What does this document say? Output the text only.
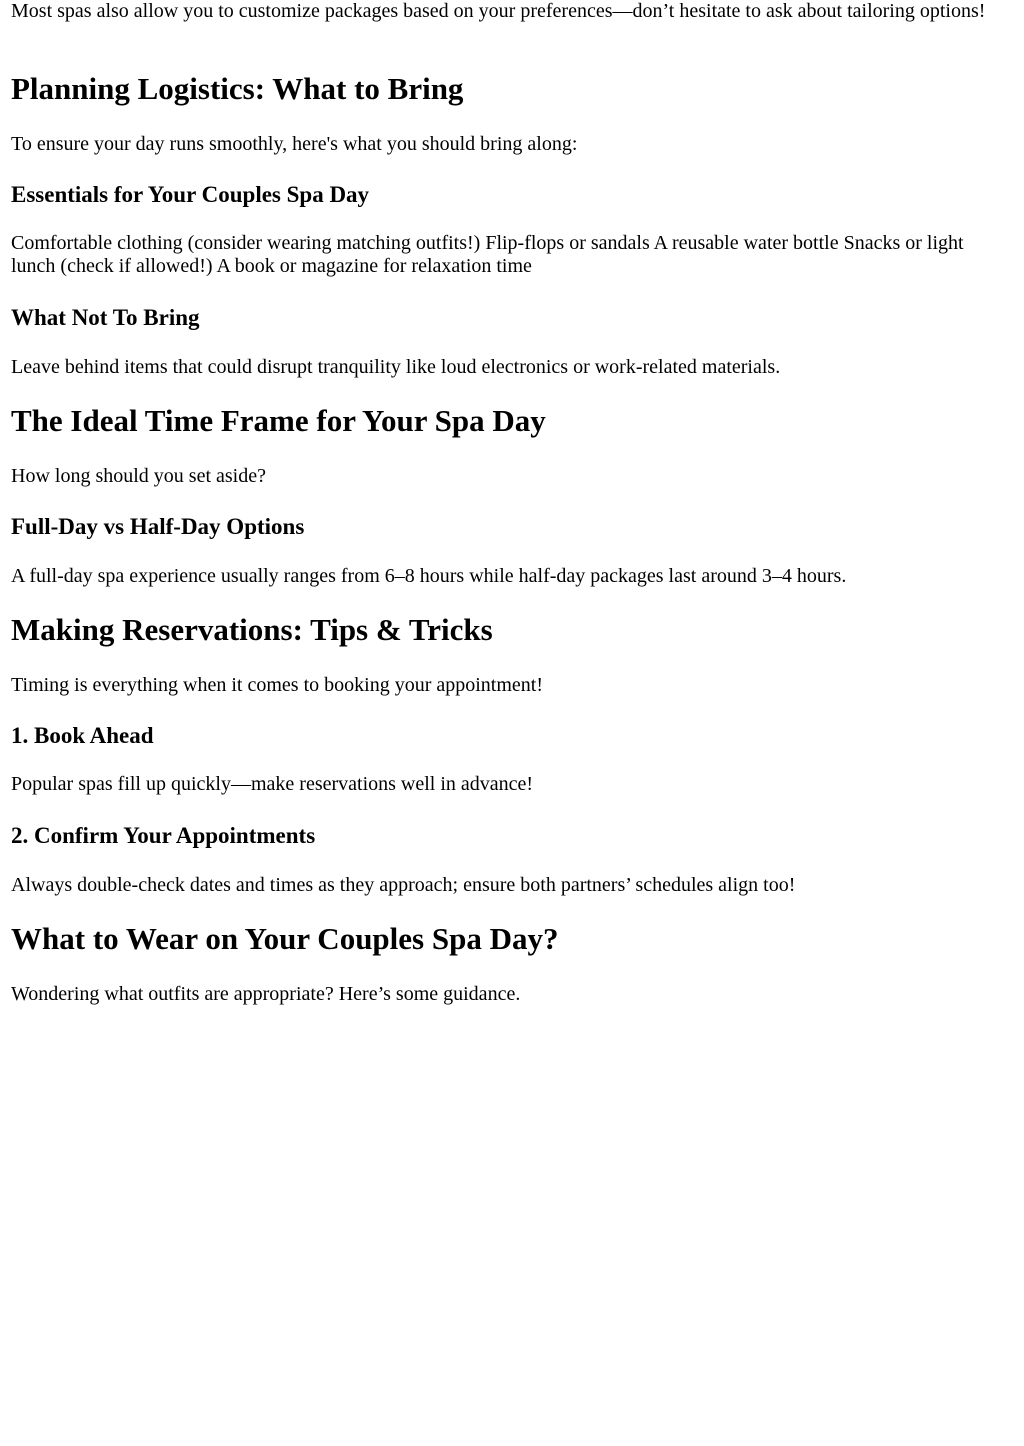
Most spas also allow you to customize packages based on your preferences—don’t hesitate to ask about tailoring options!

Planning Logistics: What to Bring

To ensure your day runs smoothly, here's what you should bring along:

Essentials for Your Couples Spa Day

Comfortable clothing (consider wearing matching outfits!) Flip-flops or sandals A reusable water bottle Snacks or light lunch (check if allowed!) A book or magazine for relaxation time

What Not To Bring

Leave behind items that could disrupt tranquility like loud electronics or work-related materials.

The Ideal Time Frame for Your Spa Day

How long should you set aside?

Full-Day vs Half-Day Options

A full-day spa experience usually ranges from 6–8 hours while half-day packages last around 3–4 hours.

Making Reservations: Tips & Tricks

Timing is everything when it comes to booking your appointment!

1. Book Ahead

Popular spas fill up quickly—make reservations well in advance!

2. Confirm Your Appointments

Always double-check dates and times as they approach; ensure both partners’ schedules align too!

What to Wear on Your Couples Spa Day?

Wondering what outfits are appropriate? Here’s some guidance.
